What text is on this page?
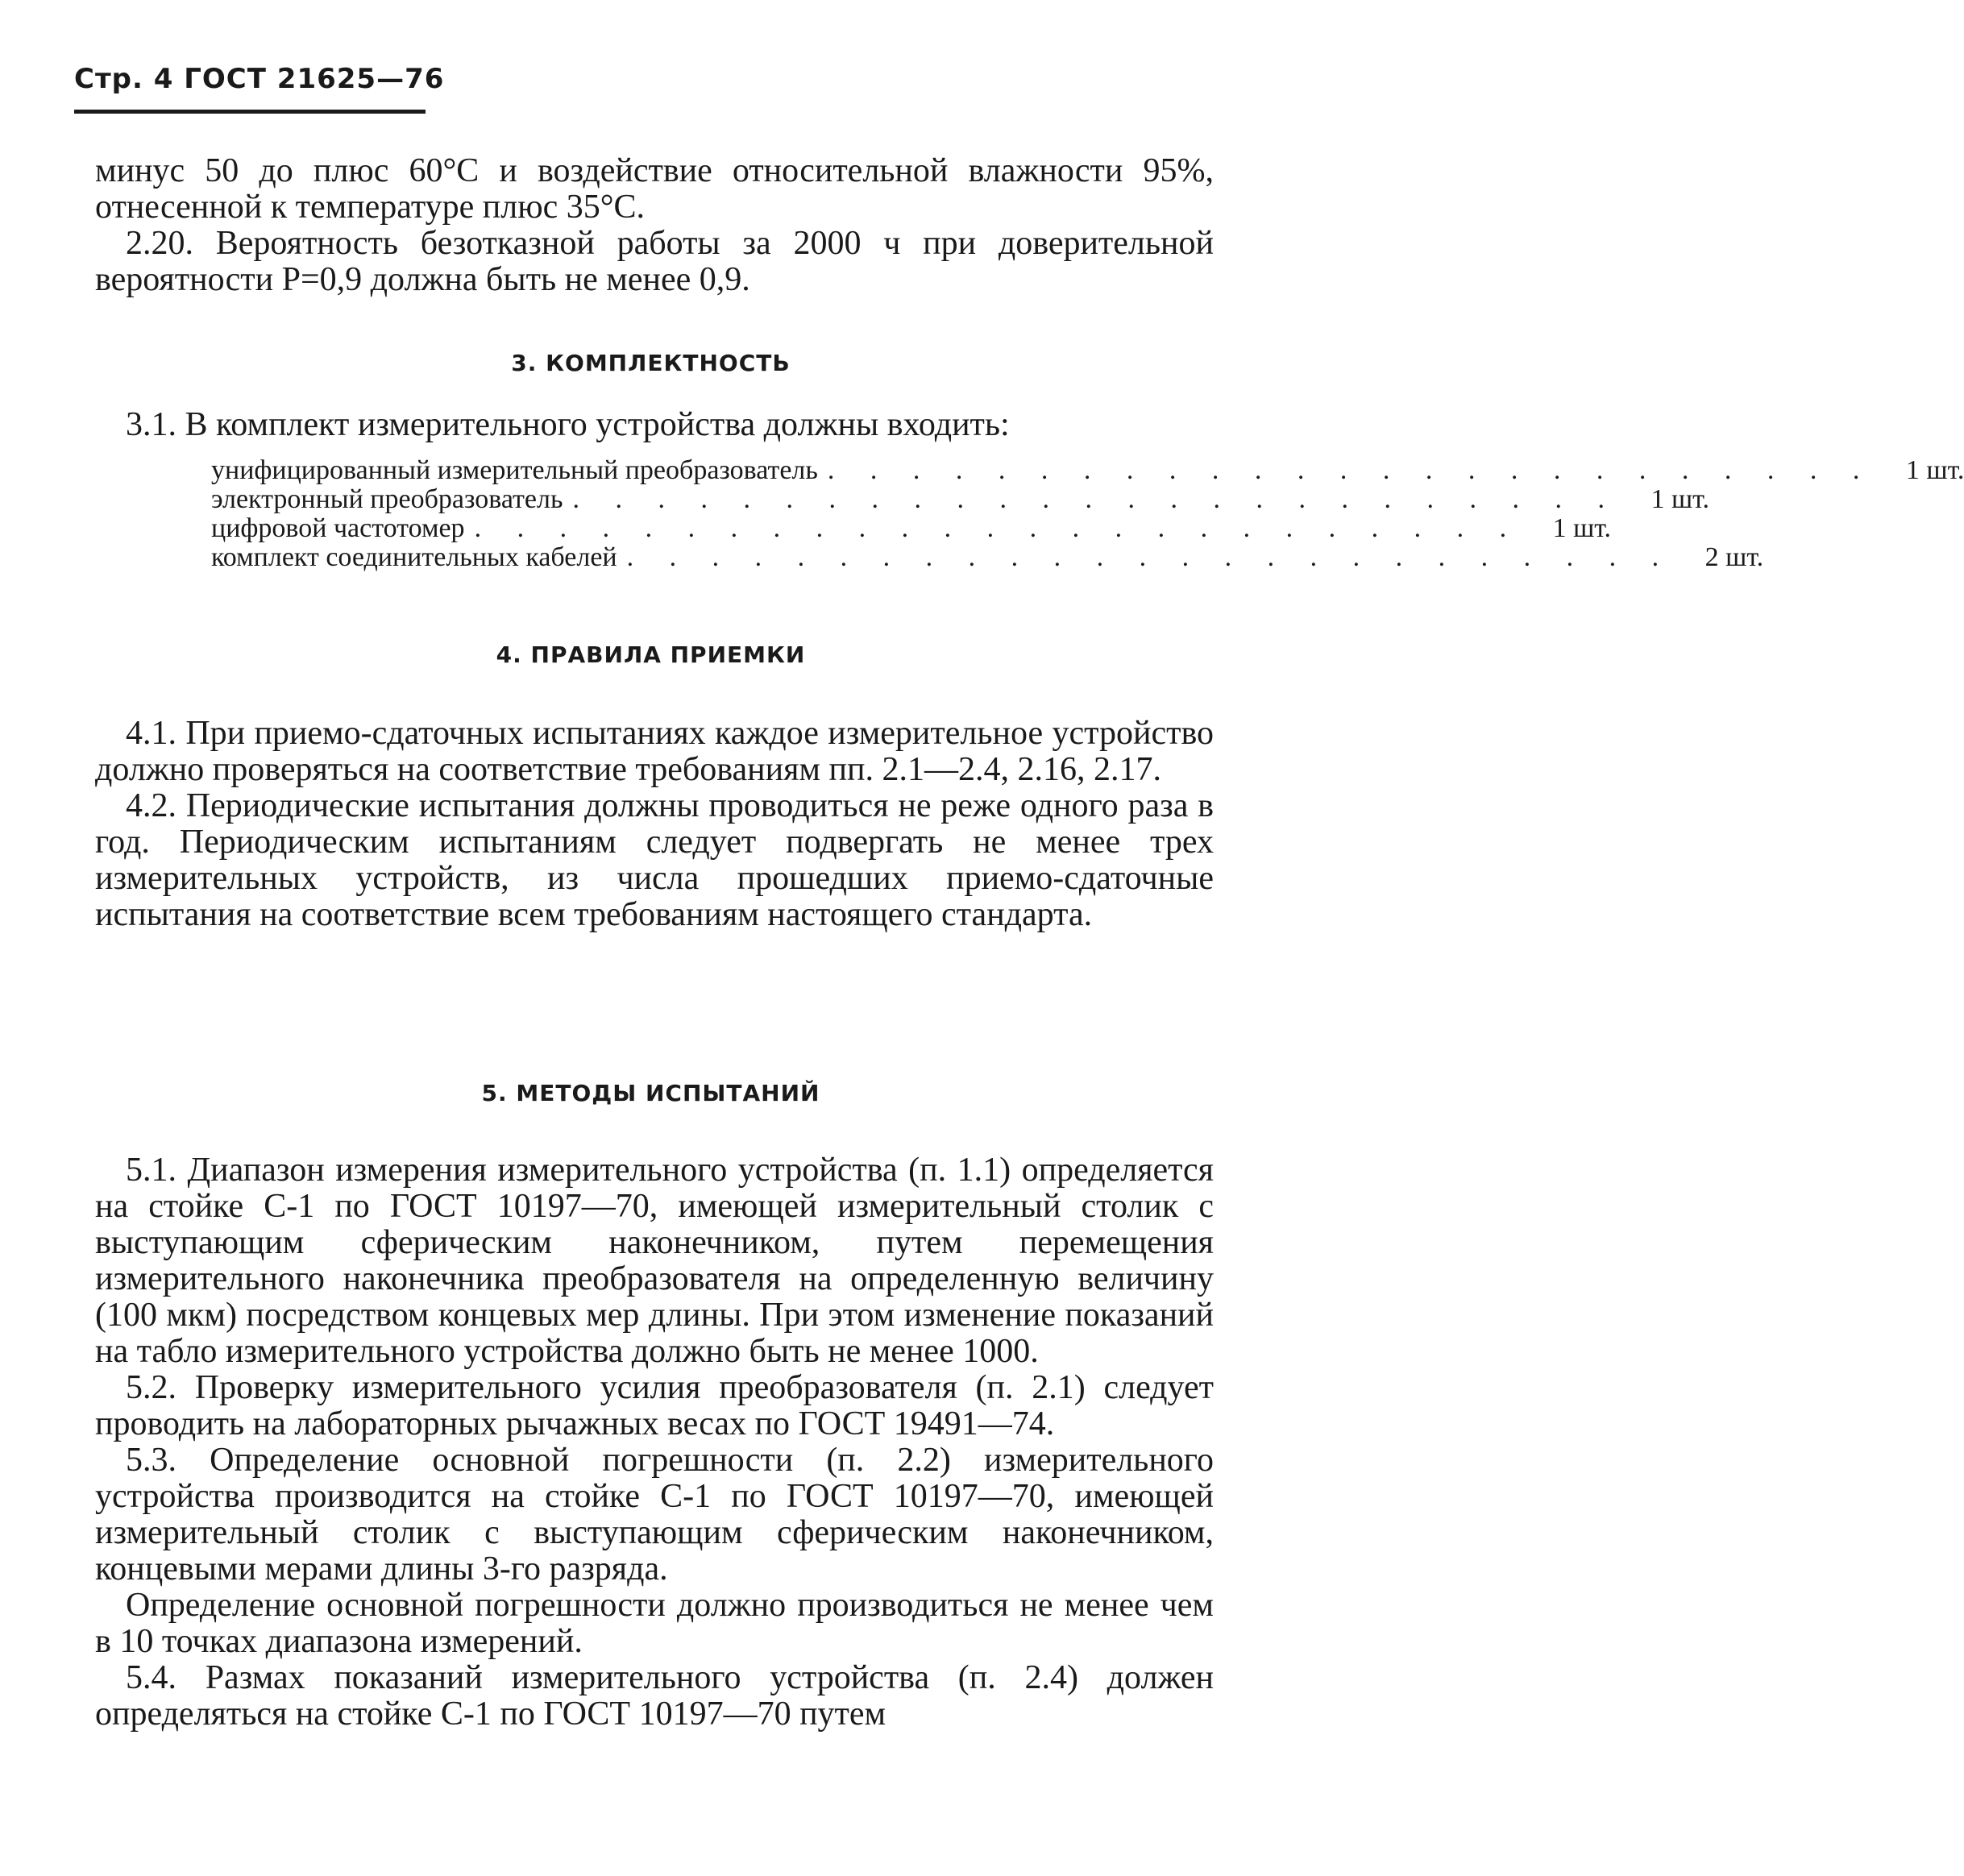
Стр. 4 ГОСТ 21625—76

минус 50 до плюс 60°С и воздействие относительной влажности 95%, отнесенной к температуре плюс 35°С.

2.20. Вероятность безотказной работы за 2000 ч при доверительной вероятности P=0,9 должна быть не менее 0,9.

3. КОМПЛЕКТНОСТЬ

3.1. В комплект измерительного устройства должны входить:

унифицированный измерительный преобразователь . . . . . . . . . . . . . . . . . . . . . . . . .	1 шт.
электронный преобразователь . . . . . . . . . . . . . . . . . . . . . . . . .	1 шт.
цифровой частотомер . . . . . . . . . . . . . . . . . . . . . . . . .	1 шт.
комплект соединительных кабелей . . . . . . . . . . . . . . . . . . . . . . . . .	2 шт.
4. ПРАВИЛА ПРИЕМКИ

4.1. При приемо-сдаточных испытаниях каждое измерительное устройство должно проверяться на соответствие требованиям пп. 2.1—2.4, 2.16, 2.17.

4.2. Периодические испытания должны проводиться не реже одного раза в год. Периодическим испытаниям следует подвергать не менее трех измерительных устройств, из числа прошедших приемо-сдаточные испытания на соответствие всем требованиям настоящего стандарта.

5. МЕТОДЫ ИСПЫТАНИЙ

5.1. Диапазон измерения измерительного устройства (п. 1.1) определяется на стойке С-1 по ГОСТ 10197—70, имеющей измерительный столик с выступающим сферическим наконечником, путем перемещения измерительного наконечника преобразователя на определенную величину (100 мкм) посредством концевых мер длины. При этом изменение показаний на табло измерительного устройства должно быть не менее 1000.

5.2. Проверку измерительного усилия преобразователя (п. 2.1) следует проводить на лабораторных рычажных весах по ГОСТ 19491—74.

5.3. Определение основной погрешности (п. 2.2) измерительного устройства производится на стойке С-1 по ГОСТ 10197—70, имеющей измерительный столик с выступающим сферическим наконечником, концевыми мерами длины 3-го разряда.

Определение основной погрешности должно производиться не менее чем в 10 точках диапазона измерений.

5.4. Размах показаний измерительного устройства (п. 2.4) должен определяться на стойке С-1 по ГОСТ 10197—70 путем
